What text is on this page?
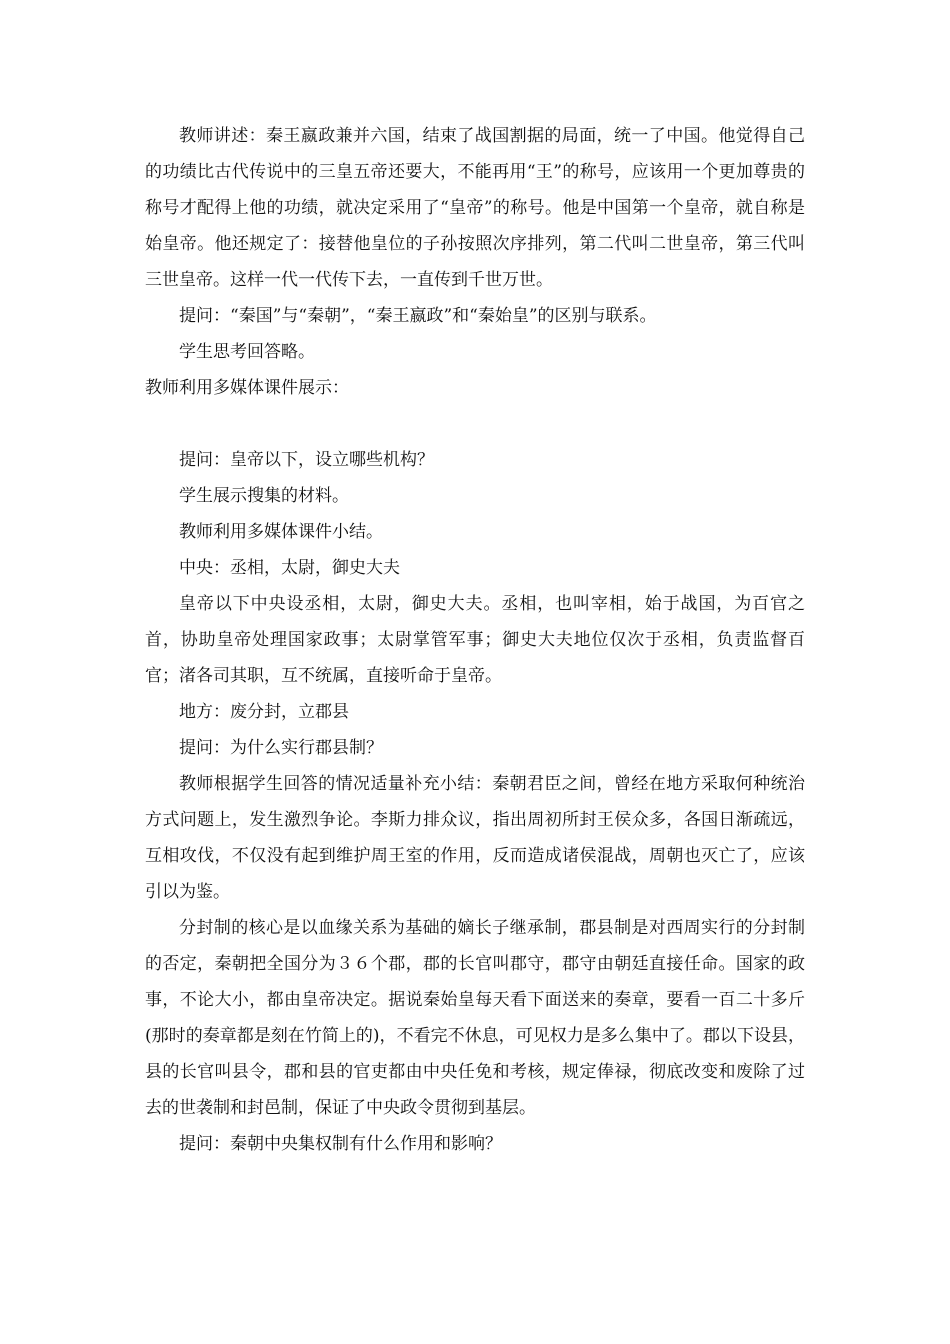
教师讲述：秦王嬴政兼并六国，结束了战国割据的局面，统一了中国。他觉得自己的功绩比古代传说中的三皇五帝还要大，不能再用“王”的称号，应该用一个更加尊贵的称号才配得上他的功绩，就决定采用了“皇帝”的称号。他是中国第一个皇帝，就自称是始皇帝。他还规定了：接替他皇位的子孙按照次序排列，第二代叫二世皇帝，第三代叫三世皇帝。这样一代一代传下去，一直传到千世万世。

提问：“秦国”与“秦朝”，“秦王嬴政”和“秦始皇”的区别与联系。

学生思考回答略。

教师利用多媒体课件展示：

提问：皇帝以下，设立哪些机构？

学生展示搜集的材料。

教师利用多媒体课件小结。

中央：丞相，太尉，御史大夫

皇帝以下中央设丞相，太尉，御史大夫。丞相，也叫宰相，始于战国，为百官之首，协助皇帝处理国家政事；太尉掌管军事；御史大夫地位仅次于丞相，负责监督百官；渚各司其职，互不统属，直接听命于皇帝。

地方：废分封，立郡县

提问：为什么实行郡县制？

教师根据学生回答的情况适量补充小结：秦朝君臣之间，曾经在地方采取何种统治方式问题上，发生激烈争论。李斯力排众议，指出周初所封王侯众多，各国日渐疏远，互相攻伐，不仅没有起到维护周王室的作用，反而造成诸侯混战，周朝也灭亡了，应该引以为鉴。

分封制的核心是以血缘关系为基础的嫡长子继承制，郡县制是对西周实行的分封制的否定，秦朝把全国分为３６个郡，郡的长官叫郡守，郡守由朝廷直接任命。国家的政事，不论大小，都由皇帝决定。据说秦始皇每天看下面送来的奏章，要看一百二十多斤(那时的奏章都是刻在竹简上的)，不看完不休息，可见权力是多么集中了。郡以下设县，县的长官叫县令，郡和县的官吏都由中央任免和考核，规定俸禄，彻底改变和废除了过去的世袭制和封邑制，保证了中央政令贯彻到基层。

提问：秦朝中央集权制有什么作用和影响？
